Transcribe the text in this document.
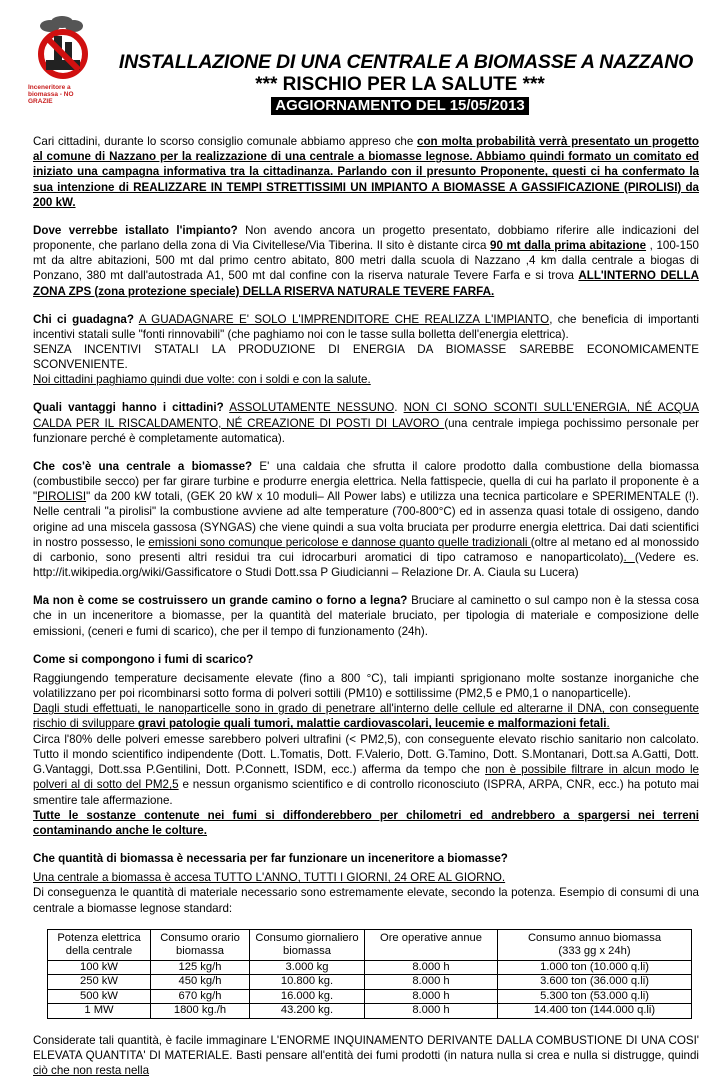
Inceneritore a
biomassa - NO GRAZIE
INSTALLAZIONE DI UNA CENTRALE A BIOMASSE A NAZZANO
*** RISCHIO PER LA SALUTE ***
AGGIORNAMENTO DEL 15/05/2013

Cari cittadini, durante lo scorso consiglio comunale abbiamo appreso che con molta probabilità verrà presentato un progetto al comune di Nazzano per la realizzazione di una centrale a biomasse legnose. Abbiamo quindi formato un comitato ed iniziato una campagna informativa tra la cittadinanza. Parlando con il presunto Proponente, questi ci ha confermato la sua intenzione di REALIZZARE IN TEMPI STRETTISSIMI UN IMPIANTO A BIOMASSE A GASSIFICAZIONE (PIROLISI) da 200 kW.

Dove verrebbe istallato l'impianto? Non avendo ancora un progetto presentato, dobbiamo riferire alle indicazioni del proponente, che parlano della zona di Via Civitellese/Via Tiberina. Il sito è distante circa 90 mt dalla prima abitazione , 100-150 mt da altre abitazioni, 500 mt dal primo centro abitato, 800 metri dalla scuola di Nazzano ,4 km dalla centrale a biogas di Ponzano, 380 mt dall'autostrada A1, 500 mt dal confine con la riserva naturale Tevere Farfa e si trova ALL'INTERNO DELLA ZONA ZPS (zona protezione speciale) DELLA RISERVA NATURALE TEVERE FARFA.

Chi ci guadagna? A GUADAGNARE E' SOLO L'IMPRENDITORE CHE REALIZZA L'IMPIANTO, che beneficia di importanti incentivi statali sulle "fonti rinnovabili" (che paghiamo noi con le tasse sulla bolletta dell'energia elettrica).
SENZA INCENTIVI STATALI LA PRODUZIONE DI ENERGIA DA BIOMASSE SAREBBE ECONOMICAMENTE SCONVENIENTE.
Noi cittadini paghiamo quindi due volte: con i soldi e con la salute.

Quali vantaggi hanno i cittadini? ASSOLUTAMENTE NESSUNO. NON CI SONO SCONTI SULL'ENERGIA, NÉ ACQUA CALDA PER IL RISCALDAMENTO, NÉ CREAZIONE DI POSTI DI LAVORO (una centrale impiega pochissimo personale per funzionare perché è completamente automatica).

Che cos'è una centrale a biomasse? E' una caldaia che sfrutta il calore prodotto dalla combustione della biomassa (combustibile secco) per far girare turbine e produrre energia elettrica. Nella fattispecie, quella di cui ha parlato il proponente è a "PIROLISI" da 200 kW totali, (GEK 20 kW x 10 moduli– All Power labs) e utilizza una tecnica particolare e SPERIMENTALE (!). Nelle centrali "a pirolisi" la combustione avviene ad alte temperature (700-800°C) ed in assenza quasi totale di ossigeno, dando origine ad una miscela gassosa (SYNGAS) che viene quindi a sua volta bruciata per produrre energia elettrica. Dai dati scientifici in nostro possesso, le emissioni sono comunque pericolose e dannose quanto quelle tradizionali (oltre al metano ed al monossido di carbonio, sono presenti altri residui tra cui idrocarburi aromatici di tipo catramoso e nanoparticolato). (Vedere es. http://it.wikipedia.org/wiki/Gassificatore o Studi Dott.ssa P Giudicianni – Relazione Dr. A. Ciaula su Lucera)

Ma non è come se costruissero un grande camino o forno a legna? Bruciare al caminetto o sul campo non è la stessa cosa che in un inceneritore a biomasse, per la quantità del materiale bruciato, per tipologia di materiale e composizione delle emissioni, (ceneri e fumi di scarico), che per il tempo di funzionamento (24h).

Come si compongono i fumi di scarico?

Raggiungendo temperature decisamente elevate (fino a 800 °C), tali impianti sprigionano molte sostanze inorganiche che volatilizzano per poi ricombinarsi sotto forma di polveri sottili (PM10) e sottilissime (PM2,5 e PM0,1 o nanoparticelle).
Dagli studi effettuati, le nanoparticelle sono in grado di penetrare all'interno delle cellule ed alterarne il DNA, con conseguente rischio di sviluppare gravi patologie quali tumori, malattie cardiovascolari, leucemie e malformazioni fetali.
Circa l'80% delle polveri emesse sarebbero polveri ultrafini (< PM2,5), con conseguente elevato rischio sanitario non calcolato. Tutto il mondo scientifico indipendente (Dott. L.Tomatis, Dott. F.Valerio, Dott. G.Tamino, Dott. S.Montanari, Dott.sa A.Gatti, Dott. G.Vantaggi, Dott.ssa P.Gentilini, Dott. P.Connett, ISDM, ecc.) afferma da tempo che non è possibile filtrare in alcun modo le polveri al di sotto del PM2,5 e nessun organismo scientifico e di controllo riconosciuto (ISPRA, ARPA, CNR, ecc.) ha potuto mai smentire tale affermazione.
Tutte le sostanze contenute nei fumi si diffonderebbero per chilometri ed andrebbero a spargersi nei terreni contaminando anche le colture.

Che quantità di biomassa è necessaria per far funzionare un inceneritore a biomasse?

Una centrale a biomassa è accesa TUTTO L'ANNO, TUTTI I GIORNI, 24 ORE AL GIORNO.
Di conseguenza le quantità di materiale necessario sono estremamente elevate, secondo la potenza. Esempio di consumi di una centrale a biomasse legnose standard:
Potenza elettrica
della centrale	Consumo orario
biomassa	Consumo giornaliero
biomassa	Ore operative annue	Consumo annuo biomassa
(333 gg x 24h)
100 kW	125 kg/h	3.000 kg	8.000 h	1.000 ton (10.000 q.li)
250 kW	450 kg/h	10.800 kg.	8.000 h	3.600 ton (36.000 q.li)
500 kW	670 kg/h	16.000 kg.	8.000 h	5.300 ton (53.000 q.li)
1 MW	1800 kg./h	43.200 kg.	8.000 h	14.400 ton (144.000 q.li)

Considerate tali quantità, è facile immaginare L'ENORME INQUINAMENTO DERIVANTE DALLA COMBUSTIONE DI UNA COSI' ELEVATA QUANTITA' DI MATERIALE. Basti pensare all'entità dei fumi prodotti (in natura nulla si crea e nulla si distrugge, quindi ciò che non resta nella
